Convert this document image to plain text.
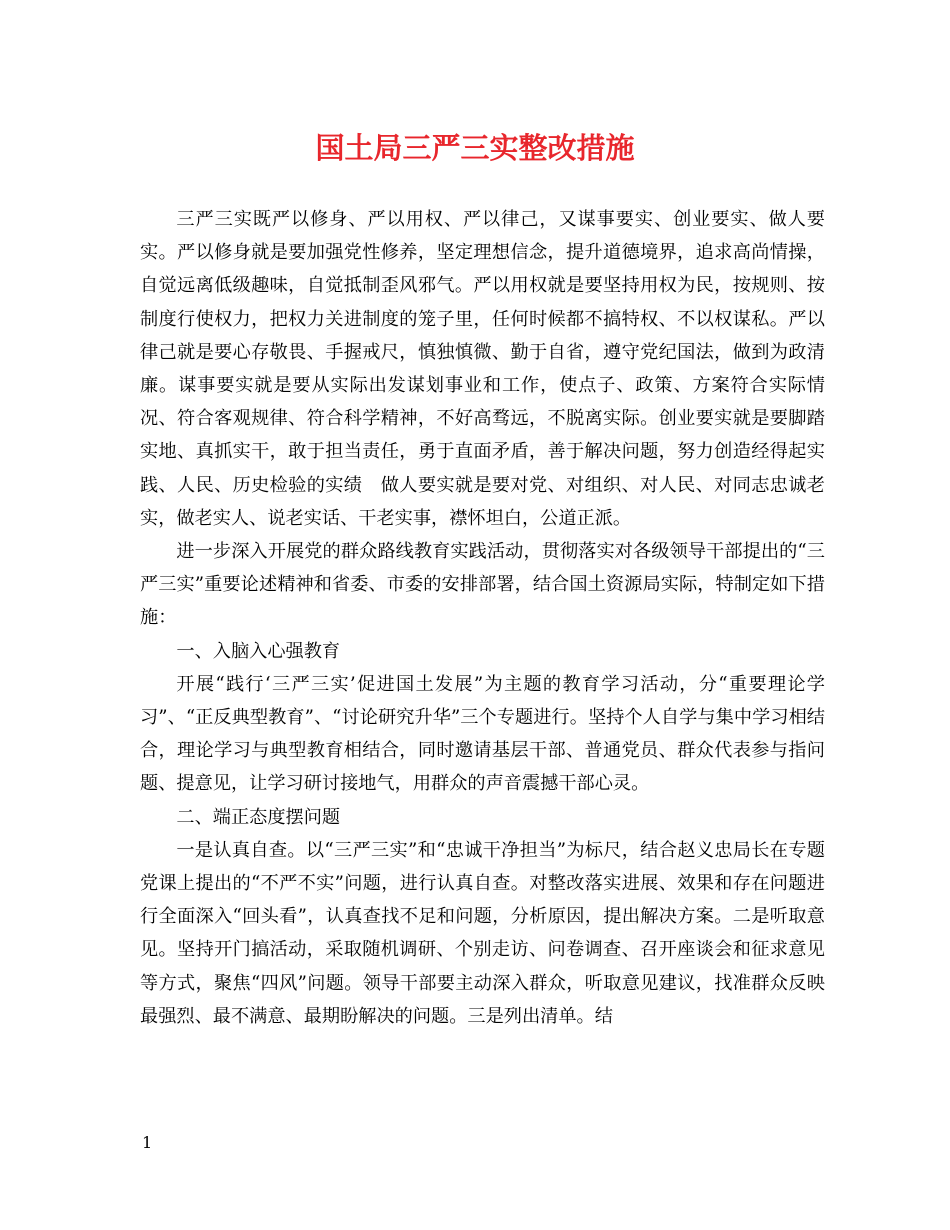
国土局三严三实整改措施

三严三实既严以修身、严以用权、严以律己，又谋事要实、创业要实、做人要实。严以修身就是要加强党性修养，坚定理想信念，提升道德境界，追求高尚情操，自觉远离低级趣味，自觉抵制歪风邪气。严以用权就是要坚持用权为民，按规则、按制度行使权力，把权力关进制度的笼子里，任何时候都不搞特权、不以权谋私。严以律己就是要心存敬畏、手握戒尺，慎独慎微、勤于自省，遵守党纪国法，做到为政清廉。谋事要实就是要从实际出发谋划事业和工作，使点子、政策、方案符合实际情况、符合客观规律、符合科学精神，不好高骛远，不脱离实际。创业要实就是要脚踏实地、真抓实干，敢于担当责任，勇于直面矛盾，善于解决问题，努力创造经得起实践、人民、历史检验的实绩　做人要实就是要对党、对组织、对人民、对同志忠诚老实，做老实人、说老实话、干老实事，襟怀坦白，公道正派。

进一步深入开展党的群众路线教育实践活动，贯彻落实对各级领导干部提出的“三严三实”重要论述精神和省委、市委的安排部署，结合国土资源局实际，特制定如下措施：

一、入脑入心强教育

开展“践行‘三严三实’促进国土发展”为主题的教育学习活动，分“重要理论学习”、“正反典型教育”、“讨论研究升华”三个专题进行。坚持个人自学与集中学习相结合，理论学习与典型教育相结合，同时邀请基层干部、普通党员、群众代表参与指问题、提意见，让学习研讨接地气，用群众的声音震撼干部心灵。

二、端正态度摆问题

一是认真自查。以“三严三实”和“忠诚干净担当”为标尺，结合赵义忠局长在专题党课上提出的“不严不实”问题，进行认真自查。对整改落实进展、效果和存在问题进行全面深入“回头看”，认真查找不足和问题，分析原因，提出解决方案。二是听取意见。坚持开门搞活动，采取随机调研、个别走访、问卷调查、召开座谈会和征求意见等方式，聚焦“四风”问题。领导干部要主动深入群众，听取意见建议，找准群众反映最强烈、最不满意、最期盼解决的问题。三是列出清单。结

1
